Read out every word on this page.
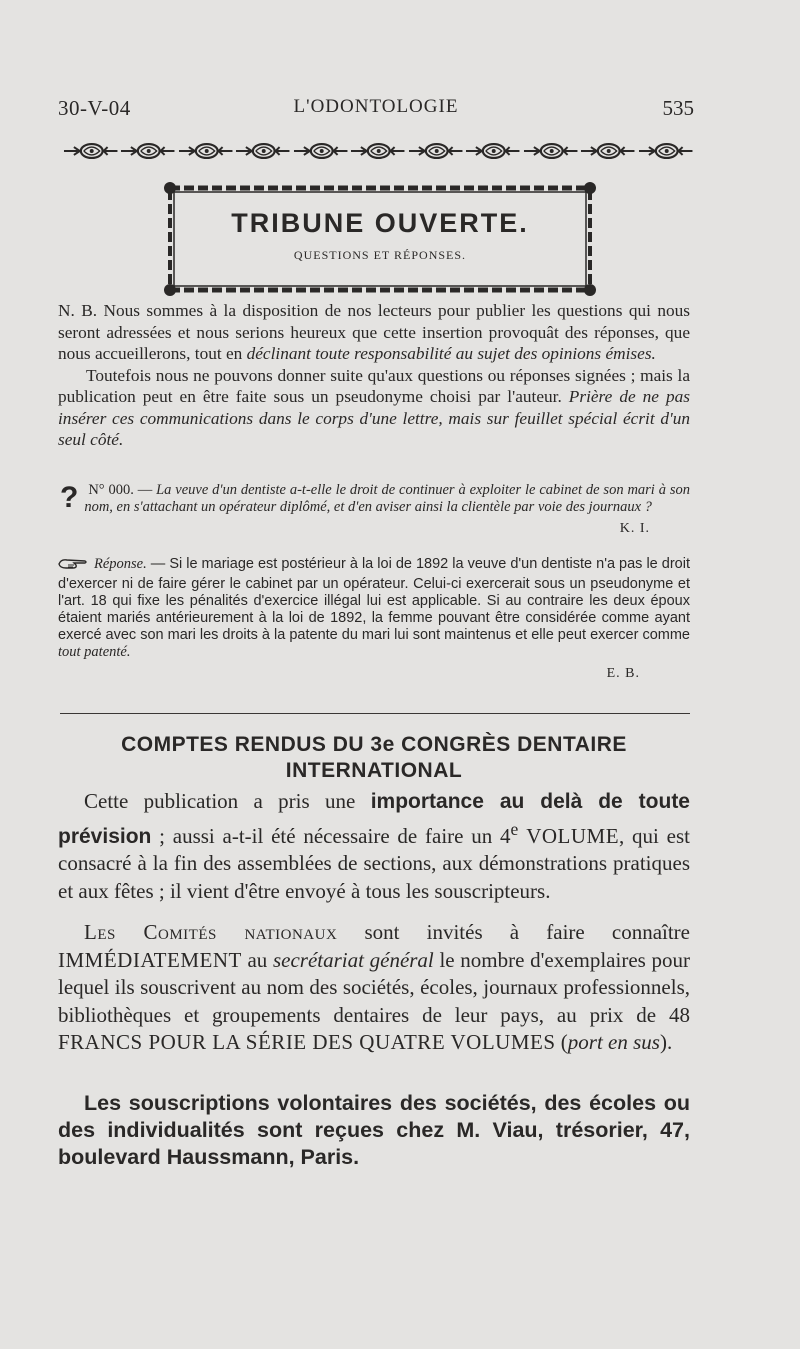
30-V-04	L'ODONTOLOGIE	535
TRIBUNE OUVERTE.
QUESTIONS ET RÉPONSES.

N. B. Nous sommes à la disposition de nos lecteurs pour publier les questions qui nous seront adressées et nous serions heureux que cette insertion provoquât des réponses, que nous accueillerons, tout en déclinant toute responsabilité au sujet des opinions émises.

Toutefois nous ne pouvons donner suite qu'aux questions ou réponses signées ; mais la publication peut en être faite sous un pseudonyme choisi par l'auteur. Prière de ne pas insérer ces communications dans le corps d'une lettre, mais sur feuillet spécial écrit d'un seul côté.

? N° 000. — La veuve d'un dentiste a-t-elle le droit de continuer à exploiter le cabinet de son mari à son nom, en s'attachant un opérateur diplômé, et d'en aviser ainsi la clientèle par voie des journaux ?
K. I.
Réponse. — Si le mariage est postérieur à la loi de 1892 la veuve d'un dentiste n'a pas le droit d'exercer ni de faire gérer le cabinet par un opérateur. Celui-ci exercerait sous un pseudonyme et l'art. 18 qui fixe les pénalités d'exercice illégal lui est applicable. Si au contraire les deux époux étaient mariés antérieurement à la loi de 1892, la femme pouvant être considérée comme ayant exercé avec son mari les droits à la patente du mari lui sont maintenus et elle peut exercer comme tout patenté.
E. B.
COMPTES RENDUS DU 3e CONGRÈS DENTAIRE
INTERNATIONAL

Cette publication a pris une importance au delà de toute prévision ; aussi a-t-il été nécessaire de faire un 4e VOLUME, qui est consacré à la fin des assemblées de sections, aux démonstrations pratiques et aux fêtes ; il vient d'être envoyé à tous les souscripteurs.

Les Comités nationaux sont invités à faire connaître IMMÉDIATEMENT au secrétariat général le nombre d'exemplaires pour lequel ils souscrivent au nom des sociétés, écoles, journaux professionnels, bibliothèques et groupements dentaires de leur pays, au prix de 48 FRANCS POUR LA SÉRIE DES QUATRE VOLUMES (port en sus).

Les souscriptions volontaires des sociétés, des écoles ou des individualités sont reçues chez M. Viau, trésorier, 47, boulevard Haussmann, Paris.
